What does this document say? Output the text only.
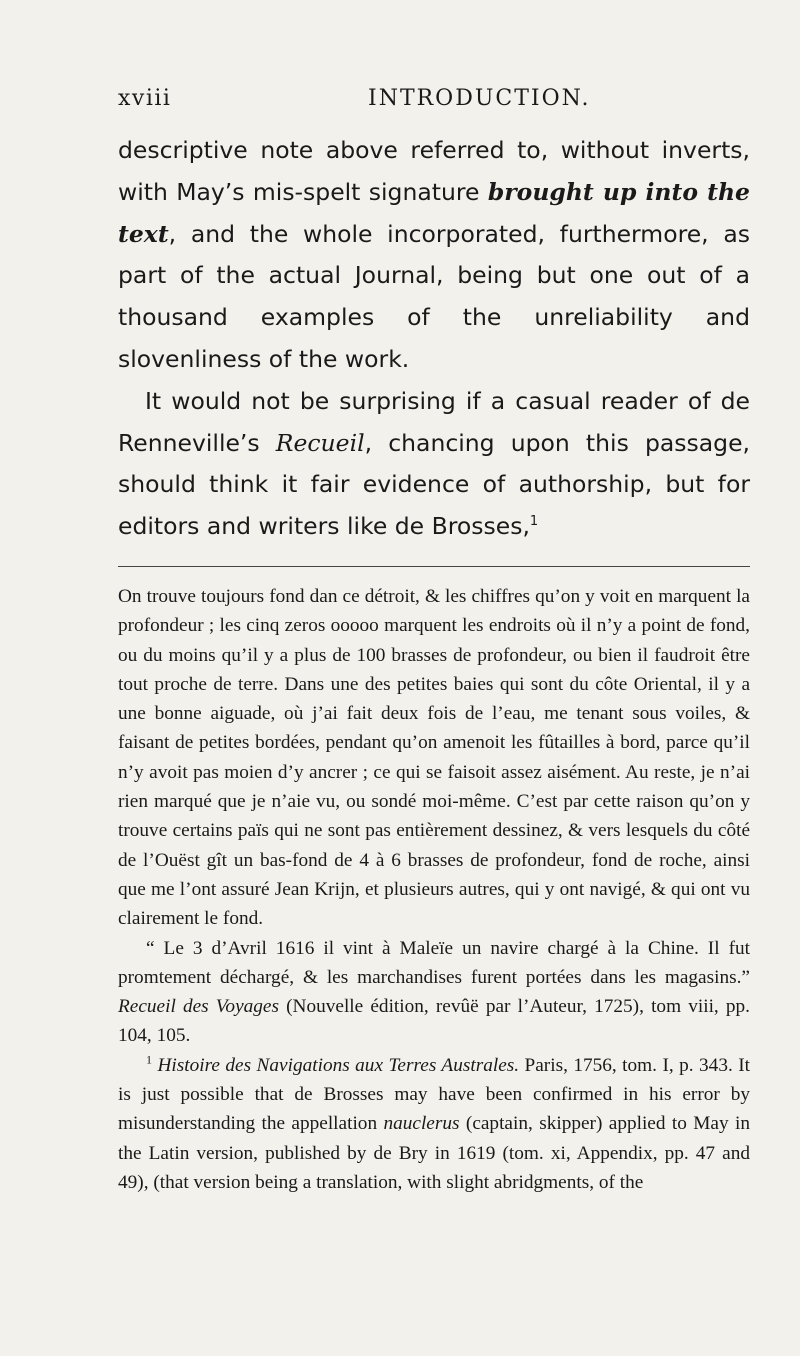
xviii	INTRODUCTION.

descriptive note above referred to, without inverts, with May’s mis-spelt signature brought up into the text, and the whole incorporated, furthermore, as part of the actual Journal, being but one out of a thousand examples of the unreliability and slovenliness of the work.

It would not be surprising if a casual reader of de Renneville’s Recueil, chancing upon this passage, should think it fair evidence of authorship, but for editors and writers like de Brosses,$^1$

On trouve toujours fond dan ce détroit, & les chiffres qu’on y voit en marquent la profondeur ; les cinq zeros ooooo marquent les endroits où il n’y a point de fond, ou du moins qu’il y a plus de 100 brasses de profondeur, ou bien il faudroit être tout proche de terre. Dans une des petites baies qui sont du côte Oriental, il y a une bonne aiguade, où j’ai fait deux fois de l’eau, me tenant sous voiles, & faisant de petites bordées, pendant qu’on amenoit les fûtailles à bord, parce qu’il n’y avoit pas moien d’y ancrer ; ce qui se faisoit assez aisément. Au reste, je n’ai rien marqué que je n’aie vu, ou sondé moi-même. C’est par cette raison qu’on y trouve certains païs qui ne sont pas entièrement dessinez, & vers lesquels du côté de l’Ouëst gît un bas-fond de 4 à 6 brasses de profondeur, fond de roche, ainsi que me l’ont assuré Jean Krijn, et plusieurs autres, qui y ont navigé, & qui ont vu clairement le fond.

“ Le 3 d’Avril 1616 il vint à Maleïe un navire chargé à la Chine. Il fut promtement déchargé, & les marchandises furent portées dans les magasins.” Recueil des Voyages (Nouvelle édition, revûë par l’Auteur, 1725), tom viii, pp. 104, 105.

$^1$ Histoire des Navigations aux Terres Australes. Paris, 1756, tom. I, p. 343. It is just possible that de Brosses may have been confirmed in his error by misunderstanding the appellation nauclerus (captain, skipper) applied to May in the Latin version, published by de Bry in 1619 (tom. xi, Appendix, pp. 47 and 49), (that version being a translation, with slight abridgments, of the
